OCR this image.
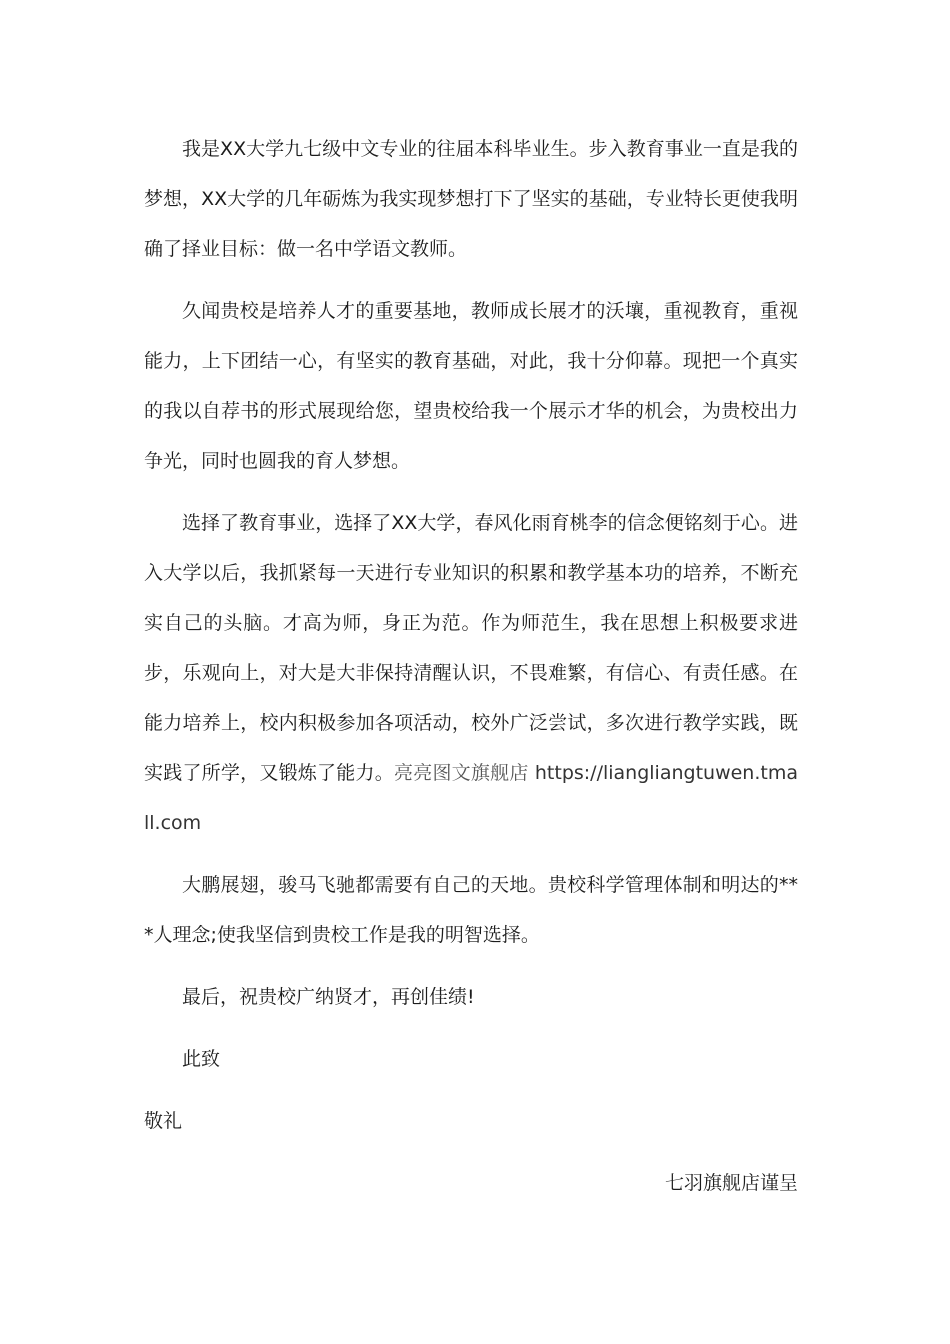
我是XX大学九七级中文专业的往届本科毕业生。步入教育事业一直是我的梦想，XX大学的几年砺炼为我实现梦想打下了坚实的基础，专业特长更使我明确了择业目标：做一名中学语文教师。

久闻贵校是培养人才的重要基地，教师成长展才的沃壤，重视教育，重视能力，上下团结一心，有坚实的教育基础，对此，我十分仰幕。现把一个真实的我以自荐书的形式展现给您，望贵校给我一个展示才华的机会，为贵校出力争光，同时也圆我的育人梦想。

选择了教育事业，选择了XX大学，春风化雨育桃李的信念便铭刻于心。进入大学以后，我抓紧每一天进行专业知识的积累和教学基本功的培养，不断充实自己的头脑。才高为师，身正为范。作为师范生，我在思想上积极要求进步，乐观向上，对大是大非保持清醒认识，不畏难繁，有信心、有责任感。在能力培养上，校内积极参加各项活动，校外广泛尝试，多次进行教学实践，既实践了所学，又锻炼了能力。亮亮图文旗舰店 https://liangliangtuwen.tmall.com

大鹏展翅，骏马飞驰都需要有自己的天地。贵校科学管理体制和明达的***人理念;使我坚信到贵校工作是我的明智选择。

最后，祝贵校广纳贤才，再创佳绩!

此致

敬礼

七羽旗舰店谨呈
